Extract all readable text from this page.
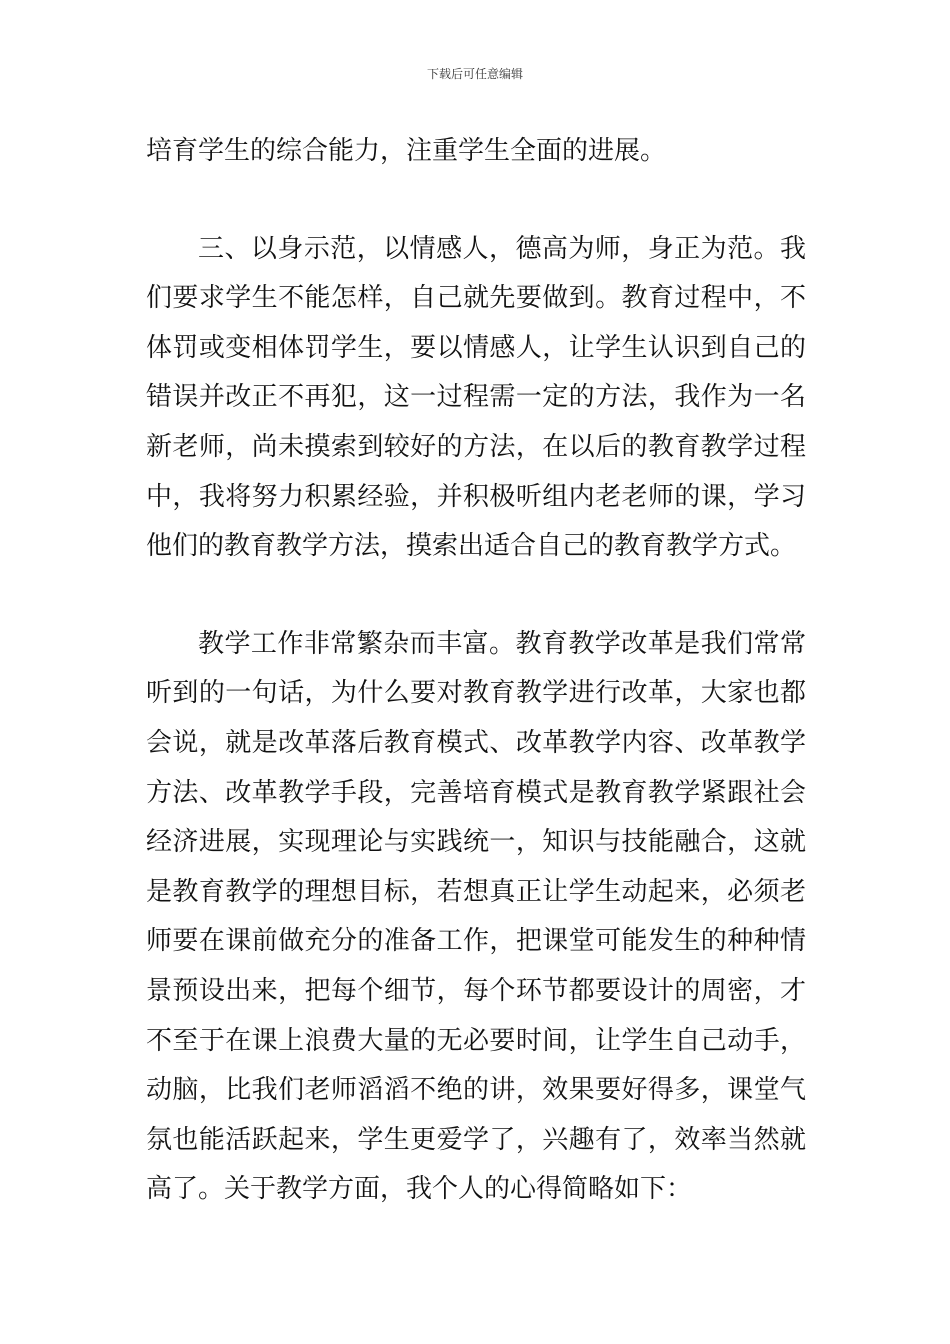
下载后可任意编辑

培育学生的综合能力，注重学生全面的进展。

三、以身示范，以情感人，德高为师，身正为范。我们要求学生不能怎样，自己就先要做到。教育过程中，不体罚或变相体罚学生，要以情感人，让学生认识到自己的错误并改正不再犯，这一过程需一定的方法，我作为一名新老师，尚未摸索到较好的方法，在以后的教育教学过程中，我将努力积累经验，并积极听组内老老师的课，学习他们的教育教学方法，摸索出适合自己的教育教学方式。

教学工作非常繁杂而丰富。教育教学改革是我们常常听到的一句话，为什么要对教育教学进行改革，大家也都会说，就是改革落后教育模式、改革教学内容、改革教学方法、改革教学手段，完善培育模式是教育教学紧跟社会经济进展，实现理论与实践统一，知识与技能融合，这就是教育教学的理想目标，若想真正让学生动起来，必须老师要在课前做充分的准备工作，把课堂可能发生的种种情景预设出来，把每个细节，每个环节都要设计的周密，才不至于在课上浪费大量的无必要时间，让学生自己动手，动脑，比我们老师滔滔不绝的讲，效果要好得多，课堂气氛也能活跃起来，学生更爱学了，兴趣有了，效率当然就高了。关于教学方面，我个人的心得简略如下：
